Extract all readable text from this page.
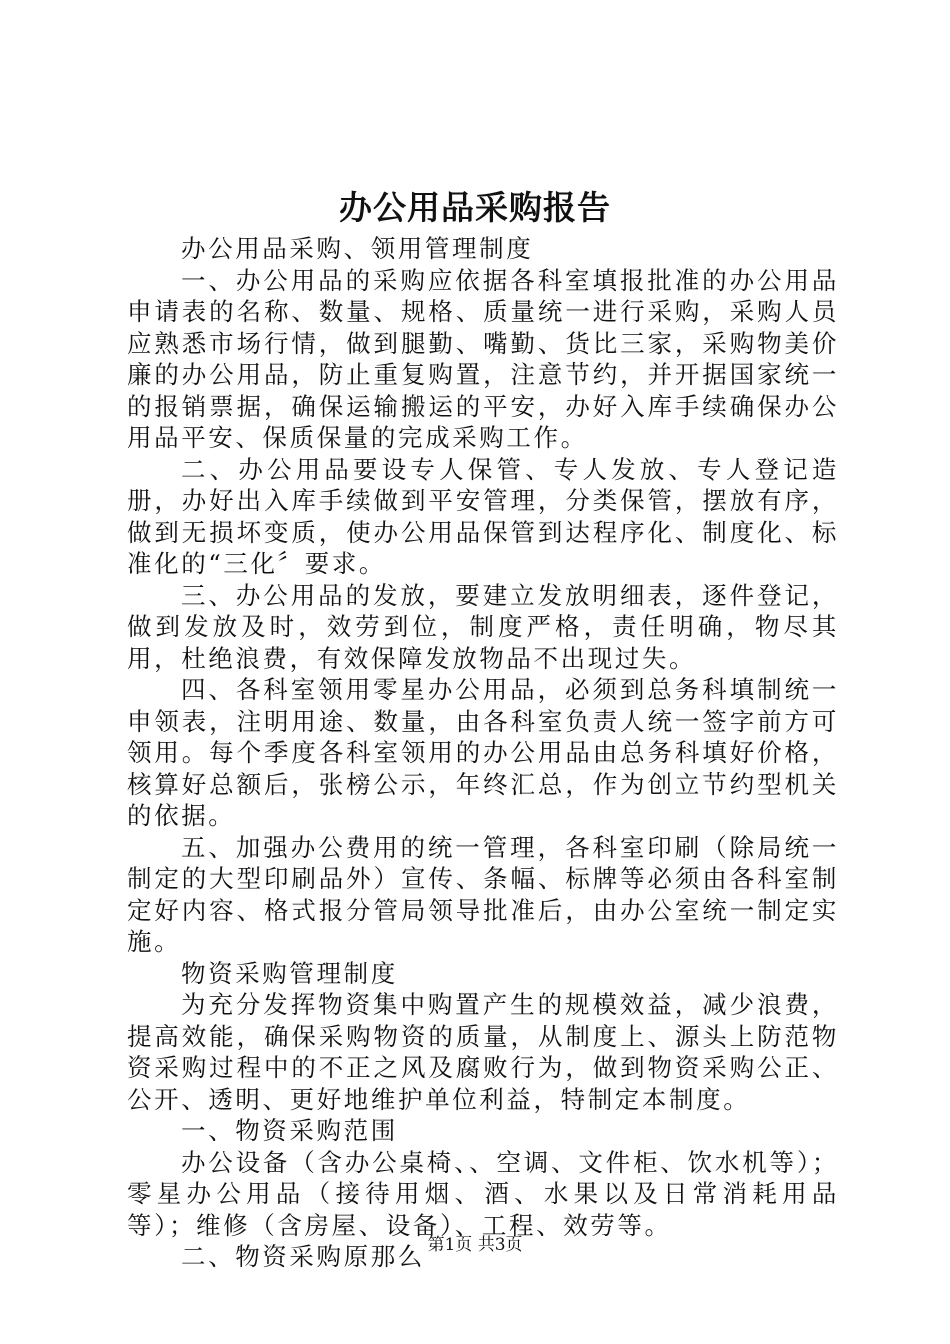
办公用品采购报告

办公用品采购、领用管理制度

一、办公用品的采购应依据各科室填报批准的办公用品申请表的名称、数量、规格、质量统一进行采购，采购人员应熟悉市场行情，做到腿勤、嘴勤、货比三家，采购物美价廉的办公用品，防止重复购置，注意节约，并开据国家统一的报销票据，确保运输搬运的平安，办好入库手续确保办公用品平安、保质保量的完成采购工作。

二、办公用品要设专人保管、专人发放、专人登记造册，办好出入库手续做到平安管理，分类保管，摆放有序，做到无损坏变质，使办公用品保管到达程序化、制度化、标准化的“三化〞要求。

三、办公用品的发放，要建立发放明细表，逐件登记，做到发放及时，效劳到位，制度严格，责任明确，物尽其用，杜绝浪费，有效保障发放物品不出现过失。

四、各科室领用零星办公用品，必须到总务科填制统一申领表，注明用途、数量，由各科室负责人统一签字前方可领用。每个季度各科室领用的办公用品由总务科填好价格，核算好总额后，张榜公示，年终汇总，作为创立节约型机关的依据。

五、加强办公费用的统一管理，各科室印刷（除局统一制定的大型印刷品外）宣传、条幅、标牌等必须由各科室制定好内容、格式报分管局领导批准后，由办公室统一制定实施。

物资采购管理制度

为充分发挥物资集中购置产生的规模效益，减少浪费，提高效能，确保采购物资的质量，从制度上、源头上防范物资采购过程中的不正之风及腐败行为，做到物资采购公正、公开、透明、更好地维护单位利益，特制定本制度。

一、物资采购范围

办公设备（含办公桌椅、、空调、文件柜、饮水机等）；零星办公用品（接待用烟、酒、水果以及日常消耗用品等）；维修（含房屋、设备）、工程、效劳等。

二、物资采购原那么 第1页 共3页
